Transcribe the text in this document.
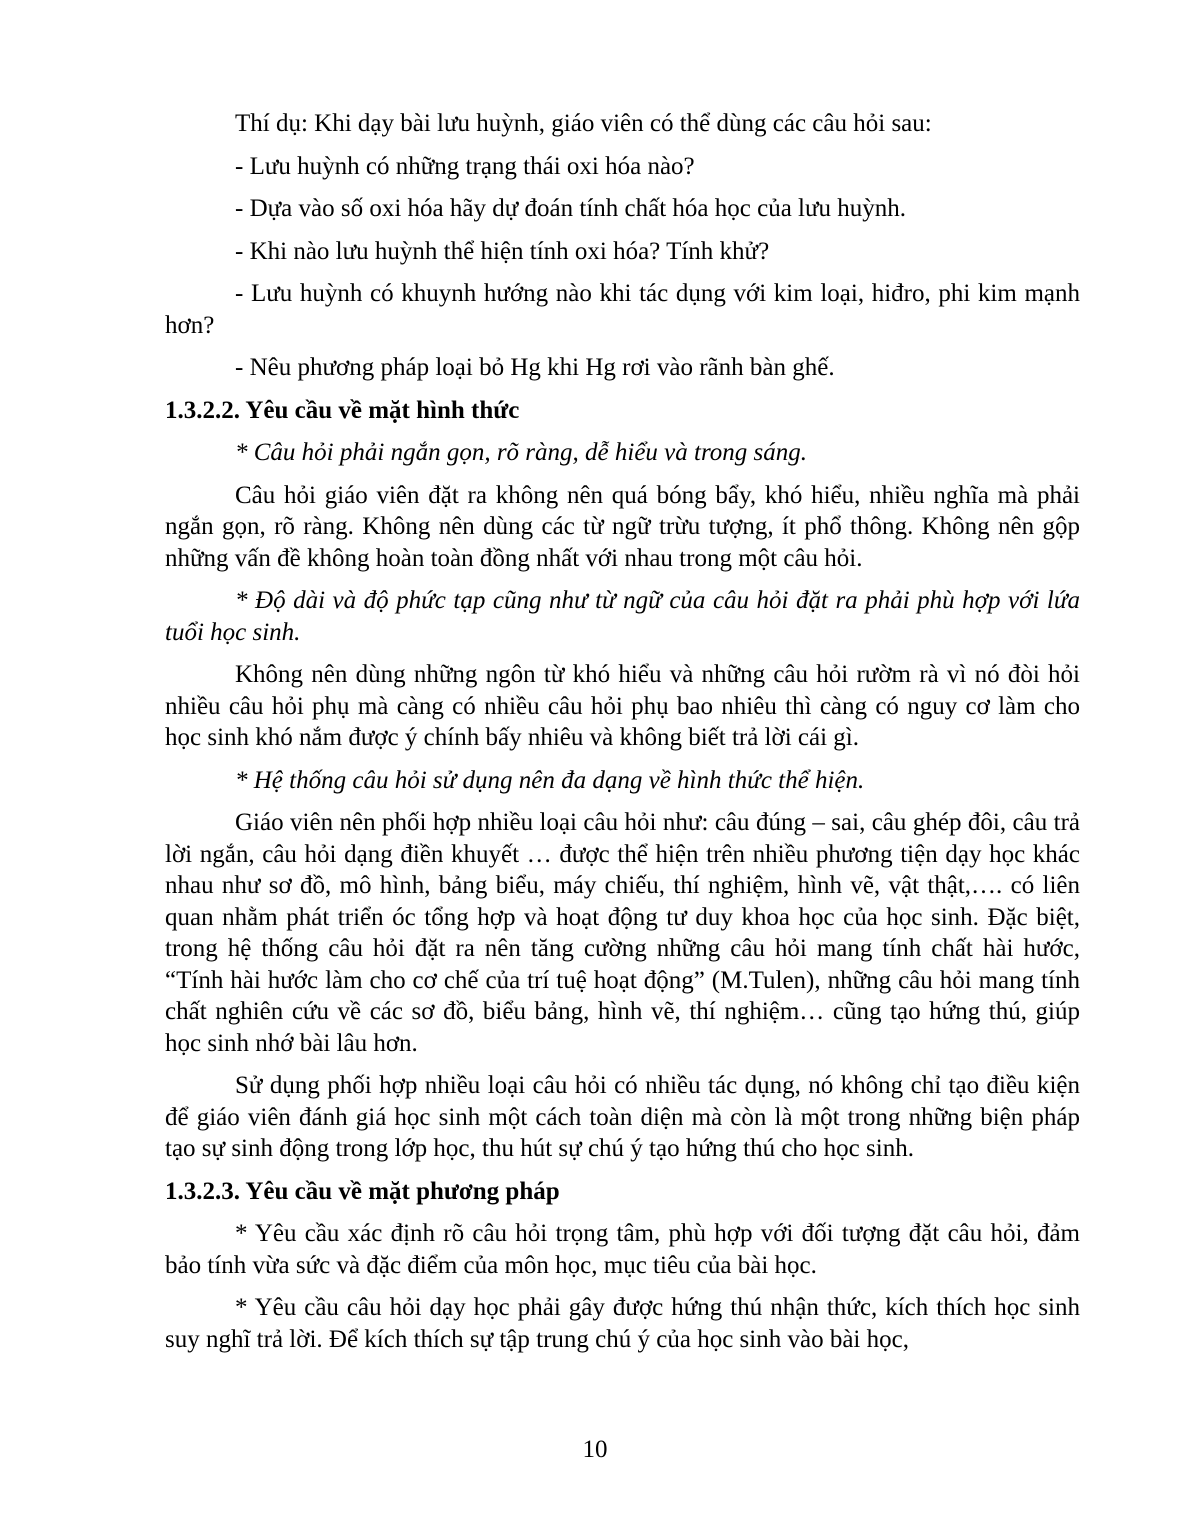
Thí dụ: Khi dạy bài lưu huỳnh, giáo viên có thể dùng các câu hỏi sau:

- Lưu huỳnh có những trạng thái oxi hóa nào?

- Dựa vào số oxi hóa hãy dự đoán tính chất hóa học của lưu huỳnh.

- Khi nào lưu huỳnh thể hiện tính oxi hóa? Tính khử?

- Lưu huỳnh có khuynh hướng nào khi tác dụng với kim loại, hiđro, phi kim mạnh hơn?

- Nêu phương pháp loại bỏ Hg khi Hg rơi vào rãnh bàn ghế.

1.3.2.2. Yêu cầu về mặt hình thức

* Câu hỏi phải ngắn gọn, rõ ràng, dễ hiểu và trong sáng.

Câu hỏi giáo viên đặt ra không nên quá bóng bẩy, khó hiểu, nhiều nghĩa mà phải ngắn gọn, rõ ràng. Không nên dùng các từ ngữ trừu tượng, ít phổ thông. Không nên gộp những vấn đề không hoàn toàn đồng nhất với nhau trong một câu hỏi.

* Độ dài và độ phức tạp cũng như từ ngữ của câu hỏi đặt ra phải phù hợp với lứa tuổi học sinh.

Không nên dùng những ngôn từ khó hiểu và những câu hỏi rườm rà vì nó đòi hỏi nhiều câu hỏi phụ mà càng có nhiều câu hỏi phụ bao nhiêu thì càng có nguy cơ làm cho học sinh khó nắm được ý chính bấy nhiêu và không biết trả lời cái gì.

* Hệ thống câu hỏi sử dụng nên đa dạng về hình thức thể hiện.

Giáo viên nên phối hợp nhiều loại câu hỏi như: câu đúng – sai, câu ghép đôi, câu trả lời ngắn, câu hỏi dạng điền khuyết … được thể hiện trên nhiều phương tiện dạy học khác nhau như sơ đồ, mô hình, bảng biểu, máy chiếu, thí nghiệm, hình vẽ, vật thật,…. có liên quan nhằm phát triển óc tổng hợp và hoạt động tư duy khoa học của học sinh. Đặc biệt, trong hệ thống câu hỏi đặt ra nên tăng cường những câu hỏi mang tính chất hài hước, “Tính hài hước làm cho cơ chế của trí tuệ hoạt động” (M.Tulen), những câu hỏi mang tính chất nghiên cứu về các sơ đồ, biểu bảng, hình vẽ, thí nghiệm… cũng tạo hứng thú, giúp học sinh nhớ bài lâu hơn.

Sử dụng phối hợp nhiều loại câu hỏi có nhiều tác dụng, nó không chỉ tạo điều kiện để giáo viên đánh giá học sinh một cách toàn diện mà còn là một trong những biện pháp tạo sự sinh động trong lớp học, thu hút sự chú ý tạo hứng thú cho học sinh.

1.3.2.3. Yêu cầu về mặt phương pháp

* Yêu cầu xác định rõ câu hỏi trọng tâm, phù hợp với đối tượng đặt câu hỏi, đảm bảo tính vừa sức và đặc điểm của môn học, mục tiêu của bài học.

* Yêu cầu câu hỏi dạy học phải gây được hứng thú nhận thức, kích thích học sinh suy nghĩ trả lời. Để kích thích sự tập trung chú ý của học sinh vào bài học,

10
